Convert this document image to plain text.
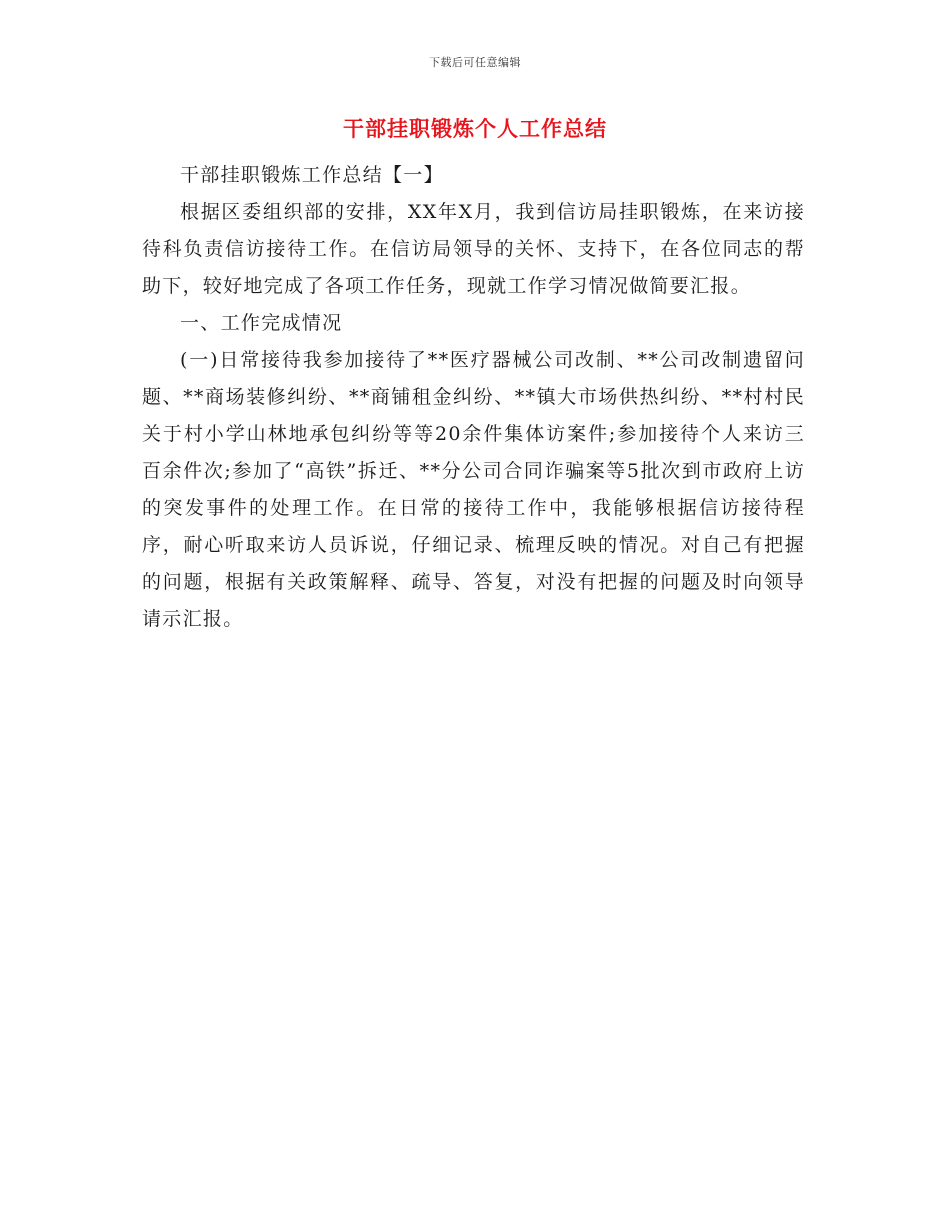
下载后可任意编辑
干部挂职锻炼个人工作总结

干部挂职锻炼工作总结【一】

根据区委组织部的安排，XX年X月，我到信访局挂职锻炼，在来访接待科负责信访接待工作。在信访局领导的关怀、支持下，在各位同志的帮助下，较好地完成了各项工作任务，现就工作学习情况做简要汇报。

一、工作完成情况

(一)日常接待我参加接待了**医疗器械公司改制、**公司改制遗留问题、**商场装修纠纷、**商铺租金纠纷、**镇大市场供热纠纷、**村村民关于村小学山林地承包纠纷等等20余件集体访案件;参加接待个人来访三百余件次;参加了“高铁”拆迁、**分公司合同诈骗案等5批次到市政府上访的突发事件的处理工作。在日常的接待工作中，我能够根据信访接待程序，耐心听取来访人员诉说，仔细记录、梳理反映的情况。对自己有把握的问题，根据有关政策解释、疏导、答复，对没有把握的问题及时向领导请示汇报。
